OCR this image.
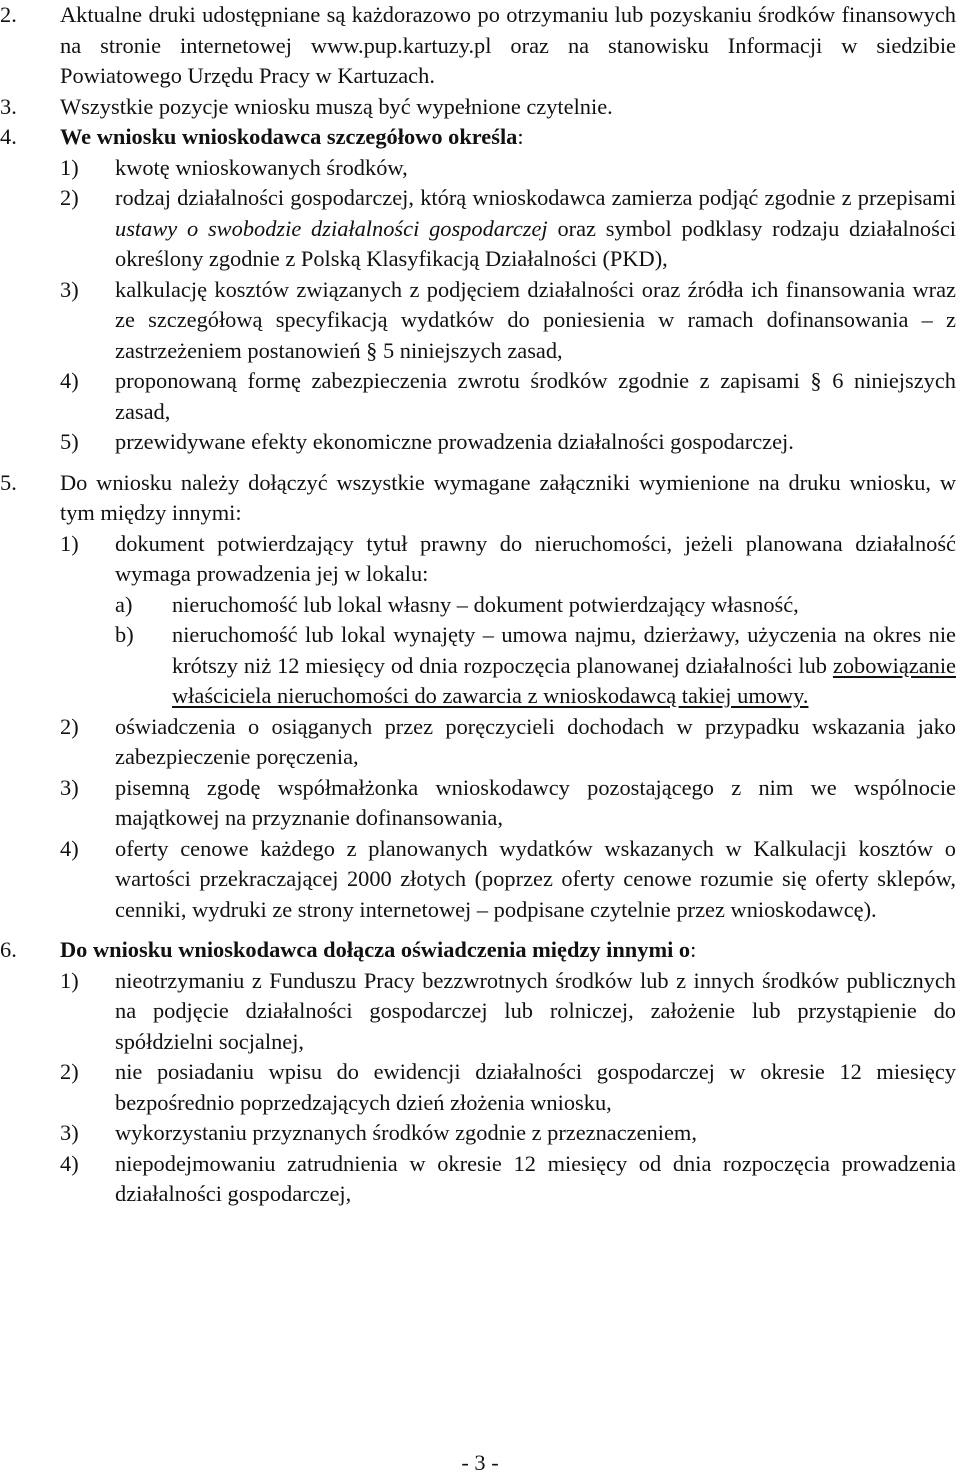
2. Aktualne druki udostępniane są każdorazowo po otrzymaniu lub pozyskaniu środków finansowych na stronie internetowej www.pup.kartuzy.pl oraz na stanowisku Informacji w siedzibie Powiatowego Urzędu Pracy w Kartuzach.
3. Wszystkie pozycje wniosku muszą być wypełnione czytelnie.
4. We wniosku wnioskodawca szczegółowo określa:
1) kwotę wnioskowanych środków,
2) rodzaj działalności gospodarczej, którą wnioskodawca zamierza podjąć zgodnie z przepisami ustawy o swobodzie działalności gospodarczej oraz symbol podklasy rodzaju działalności określony zgodnie z Polską Klasyfikacją Działalności (PKD),
3) kalkulację kosztów związanych z podjęciem działalności oraz źródła ich finansowania wraz ze szczegółową specyfikacją wydatków do poniesienia w ramach dofinansowania – z zastrzeżeniem postanowień § 5 niniejszych zasad,
4) proponowaną formę zabezpieczenia zwrotu środków zgodnie z zapisami § 6 niniejszych zasad,
5) przewidywane efekty ekonomiczne prowadzenia działalności gospodarczej.
5. Do wniosku należy dołączyć wszystkie wymagane załączniki wymienione na druku wniosku, w tym między innymi:
1) dokument potwierdzający tytuł prawny do nieruchomości, jeżeli planowana działalność wymaga prowadzenia jej w lokalu:
a) nieruchomość lub lokal własny – dokument potwierdzający własność,
b) nieruchomość lub lokal wynajęty – umowa najmu, dzierżawy, użyczenia na okres nie krótszy niż 12 miesięcy od dnia rozpoczęcia planowanej działalności lub zobowiązanie właściciela nieruchomości do zawarcia z wnioskodawcą takiej umowy.
2) oświadczenia o osiąganych przez poręczycieli dochodach w przypadku wskazania jako zabezpieczenie poręczenia,
3) pisemną zgodę współmałżonka wnioskodawcy pozostającego z nim we wspólnocie majątkowej na przyznanie dofinansowania,
4) oferty cenowe każdego z planowanych wydatków wskazanych w Kalkulacji kosztów o wartości przekraczającej 2000 złotych (poprzez oferty cenowe rozumie się oferty sklepów, cenniki, wydruki ze strony internetowej – podpisane czytelnie przez wnioskodawcę).
6. Do wniosku wnioskodawca dołącza oświadczenia między innymi o:
1) nieotrzymaniu z Funduszu Pracy bezzwrotnych środków lub z innych środków publicznych na podjęcie działalności gospodarczej lub rolniczej, założenie lub przystąpienie do spółdzielni socjalnej,
2) nie posiadaniu wpisu do ewidencji działalności gospodarczej w okresie 12 miesięcy bezpośrednio poprzedzających dzień złożenia wniosku,
3) wykorzystaniu przyznanych środków zgodnie z przeznaczeniem,
4) niepodejmowaniu zatrudnienia w okresie 12 miesięcy od dnia rozpoczęcia prowadzenia działalności gospodarczej,
- 3 -
